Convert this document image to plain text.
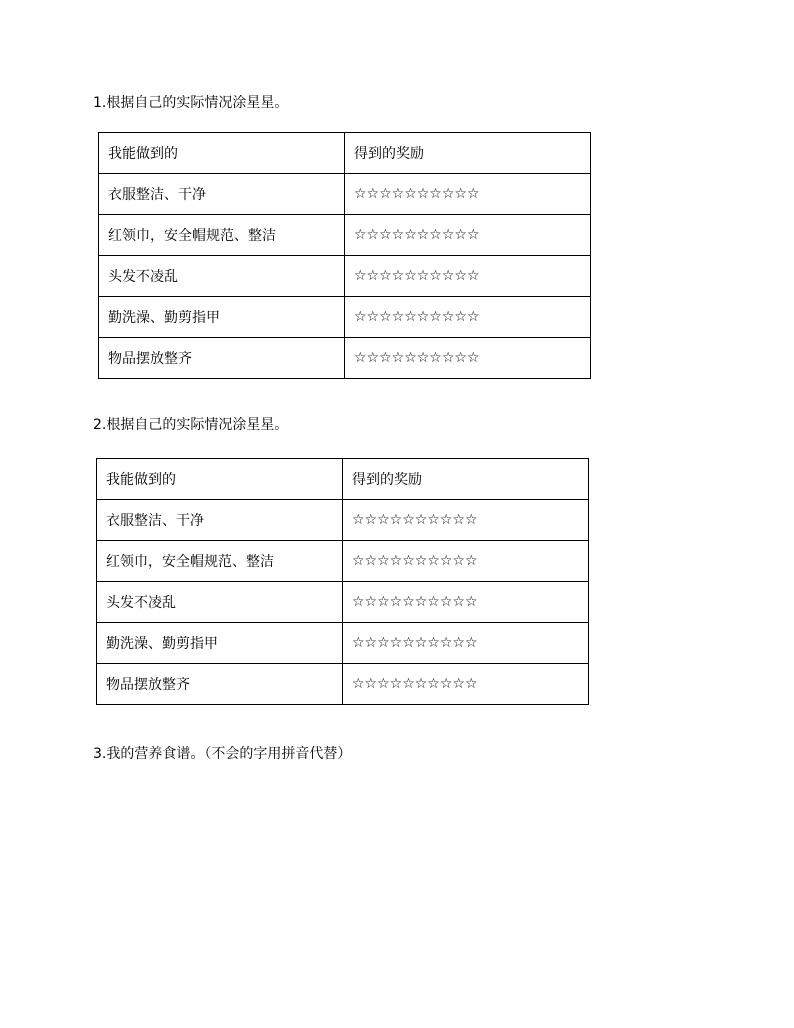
1.根据自己的实际情况涂星星。
我能做到的	得到的奖励
衣服整洁、干净	☆☆☆☆☆☆☆☆☆☆
红领巾，安全帽规范、整洁	☆☆☆☆☆☆☆☆☆☆
头发不凌乱	☆☆☆☆☆☆☆☆☆☆
勤洗澡、勤剪指甲	☆☆☆☆☆☆☆☆☆☆
物品摆放整齐	☆☆☆☆☆☆☆☆☆☆
2.根据自己的实际情况涂星星。
我能做到的	得到的奖励
衣服整洁、干净	☆☆☆☆☆☆☆☆☆☆
红领巾，安全帽规范、整洁	☆☆☆☆☆☆☆☆☆☆
头发不凌乱	☆☆☆☆☆☆☆☆☆☆
勤洗澡、勤剪指甲	☆☆☆☆☆☆☆☆☆☆
物品摆放整齐	☆☆☆☆☆☆☆☆☆☆
3.我的营养食谱。（不会的字用拼音代替）
